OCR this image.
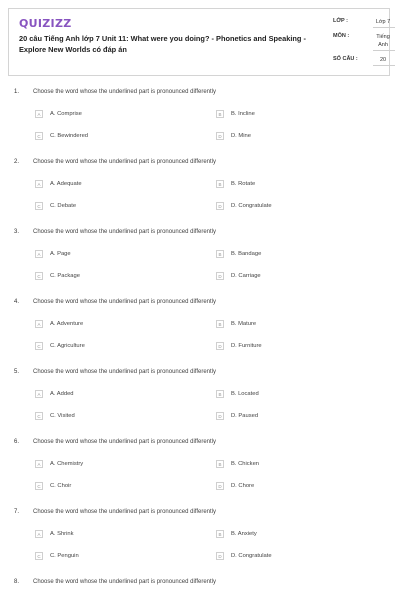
QUIZIZZ
20 câu Tiếng Anh lớp 7 Unit 11: What were you doing? - Phonetics and Speaking - Explore New Worlds có đáp án
LỚP :	Lớp 7
MÔN :	Tiếng Anh
SỐ CÂU :	20
1. Choose the word whose the underlined part is pronounced differently
A	A. Comprise	B	B. Incline
C	C. Bewindered	D	D. Mine
2. Choose the word whose the underlined part is pronounced differently
A	A. Adequate	B	B. Rotate
C	C. Debate	D	D. Congratulate
3. Choose the word whose the underlined part is pronounced differently
A	A. Page	B	B. Bandage
C	C. Package	D	D. Carriage
4. Choose the word whose the underlined part is pronounced differently
A	A. Adventure	B	B. Mature
C	C. Agriculture	D	D. Furniture
5. Choose the word whose the underlined part is pronounced differently
A	A. Added	B	B. Located
C	C. Visited	D	D. Paused
6. Choose the word whose the underlined part is pronounced differently
A	A. Chemistry	B	B. Chicken
C	C. Choir	D	D. Chore
7. Choose the word whose the underlined part is pronounced differently
A	A. Shrink	B	B. Anxiety
C	C. Penguin	D	D. Congratulate
8. Choose the word whose the underlined part is pronounced differently
